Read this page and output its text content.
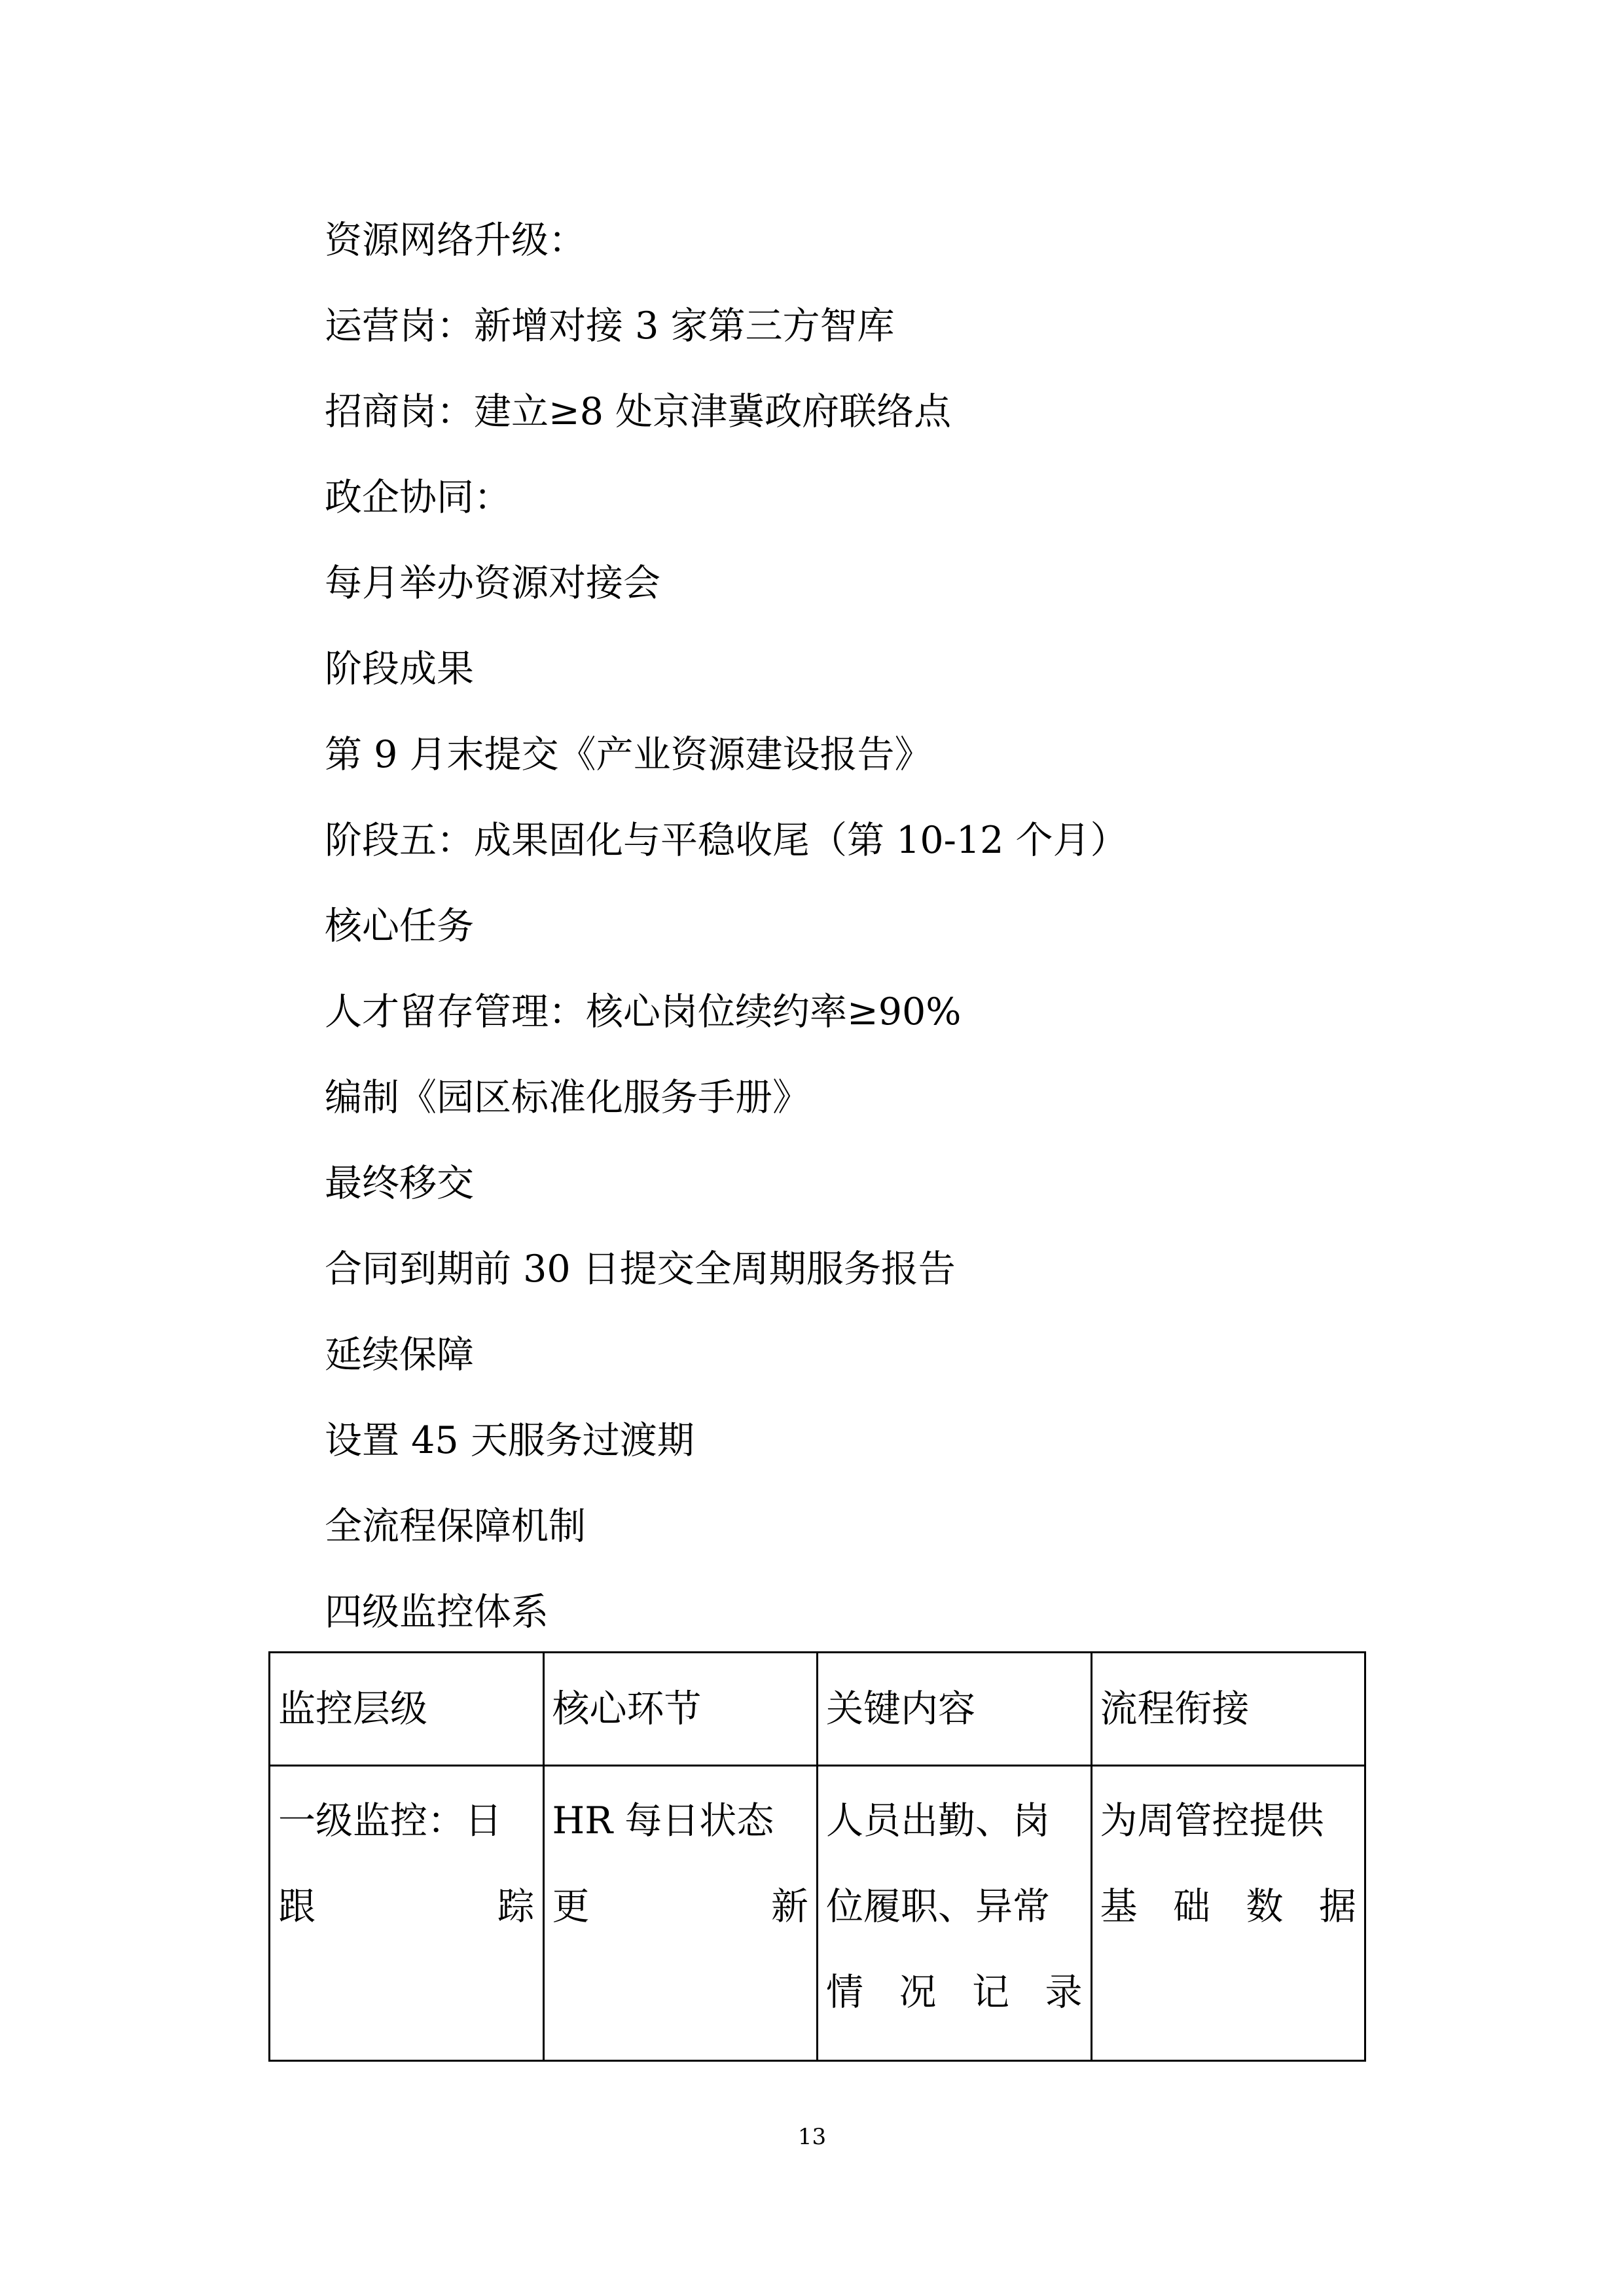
资源网络升级：

运营岗：新增对接 3 家第三方智库

招商岗：建立≥8 处京津冀政府联络点

政企协同：

每月举办资源对接会

阶段成果

第 9 月末提交《产业资源建设报告》

阶段五：成果固化与平稳收尾（第 10-12 个月）

核心任务

人才留存管理：核心岗位续约率≥90%

编制《园区标准化服务手册》

最终移交

合同到期前 30 日提交全周期服务报告

延续保障

设置 45 天服务过渡期

全流程保障机制

四级监控体系

监控层级	核心环节	关键内容	流程衔接
一级监控：日跟踪	HR 每日状态更新	人员出勤、岗位履职、异常情况记录	为周管控提供基础数据
13
